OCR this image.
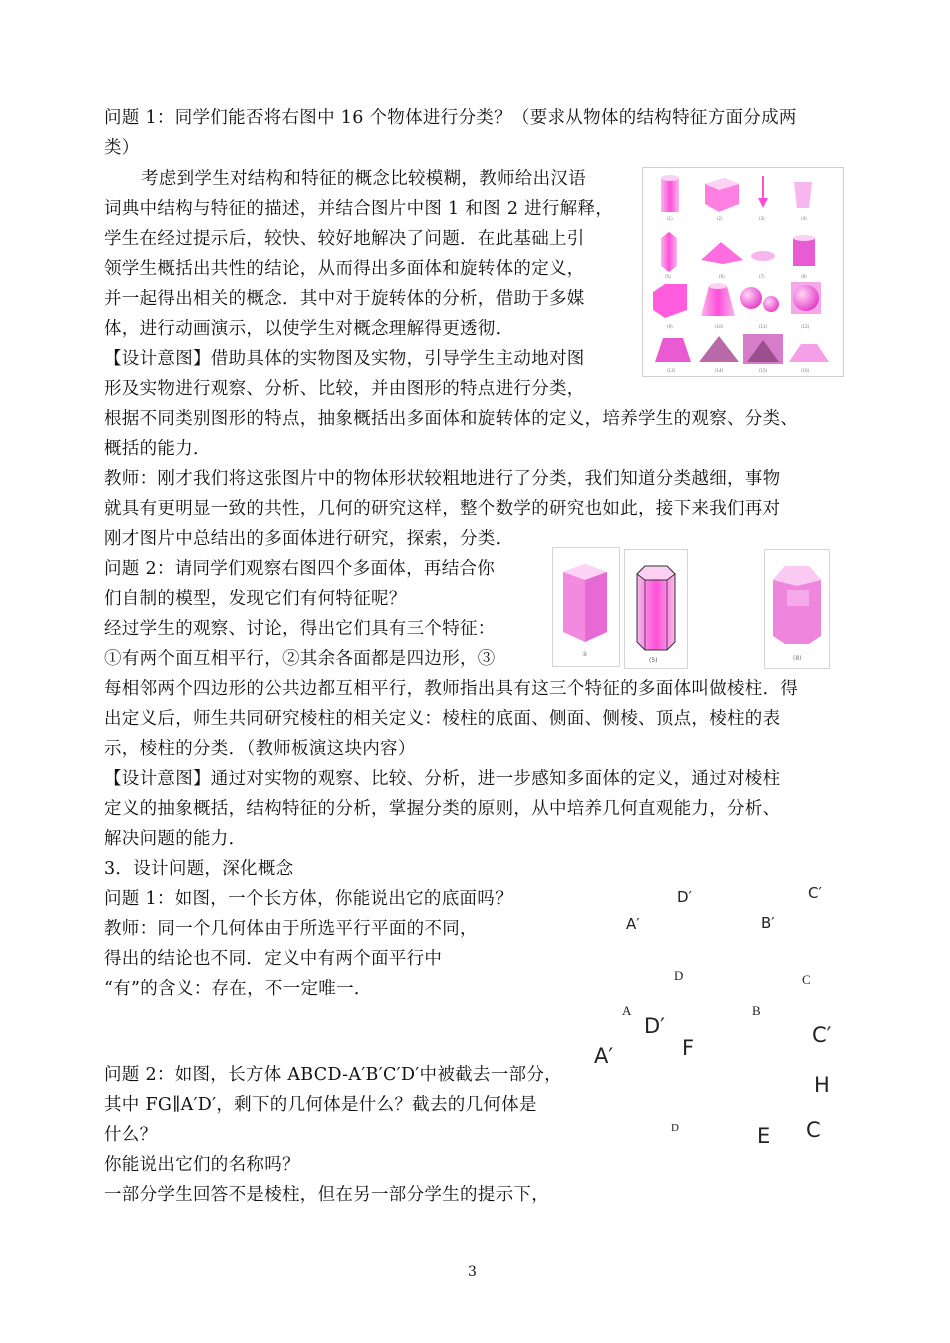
问题 1：同学们能否将右图中 16 个物体进行分类？（要求从物体的结构特征方面分成两
类）
考虑到学生对结构和特征的概念比较模糊，教师给出汉语
词典中结构与特征的描述，并结合图片中图 1 和图 2 进行解释，
学生在经过提示后，较快、较好地解决了问题．在此基础上引
领学生概括出共性的结论，从而得出多面体和旋转体的定义，
并一起得出相关的概念．其中对于旋转体的分析，借助于多媒
体，进行动画演示，以使学生对概念理解得更透彻．
【设计意图】借助具体的实物图及实物，引导学生主动地对图
形及实物进行观察、分析、比较，并由图形的特点进行分类，
根据不同类别图形的特点，抽象概括出多面体和旋转体的定义，培养学生的观察、分类、
概括的能力．
教师：刚才我们将这张图片中的物体形状较粗地进行了分类，我们知道分类越细，事物
就具有更明显一致的共性，几何的研究这样，整个数学的研究也如此，接下来我们再对
刚才图片中总结出的多面体进行研究，探索，分类．
问题 2：请同学们观察右图四个多面体，再结合你
们自制的模型，发现它们有何特征呢？
经过学生的观察、讨论，得出它们具有三个特征：
①有两个面互相平行，②其余各面都是四边形，③
每相邻两个四边形的公共边都互相平行，教师指出具有这三个特征的多面体叫做棱柱．得
出定义后，师生共同研究棱柱的相关定义：棱柱的底面、侧面、侧棱、顶点，棱柱的表
示，棱柱的分类．（教师板演这块内容）
【设计意图】通过对实物的观察、比较、分析，进一步感知多面体的定义，通过对棱柱
定义的抽象概括，结构特征的分析，掌握分类的原则，从中培养几何直观能力，分析、
解决问题的能力．
3．设计问题，深化概念
问题 1：如图，一个长方体，你能说出它的底面吗？
教师：同一个几何体由于所选平行平面的不同，
得出的结论也不同．定义中有两个面平行中
“有”的含义：存在，不一定唯一．
问题 2：如图，长方体 ABCD-A′B′C′D′中被截去一部分，
其中 FG∥A′D′，剩下的几何体是什么？截去的几何体是
什么？
你能说出它们的名称吗？
一部分学生回答不是棱柱，但在另一部分学生的提示下，
(1)	(2)	(3)	(4)
(5)	(6)	(7)	(8)
(9)	(10)	(11)	(12)
(13)	(14)	(15)	(16)
②
(5)	(8)
D′	C′
A′	B′
D	C
A	B
D′	C′
A′	F
H
D	E C
3
